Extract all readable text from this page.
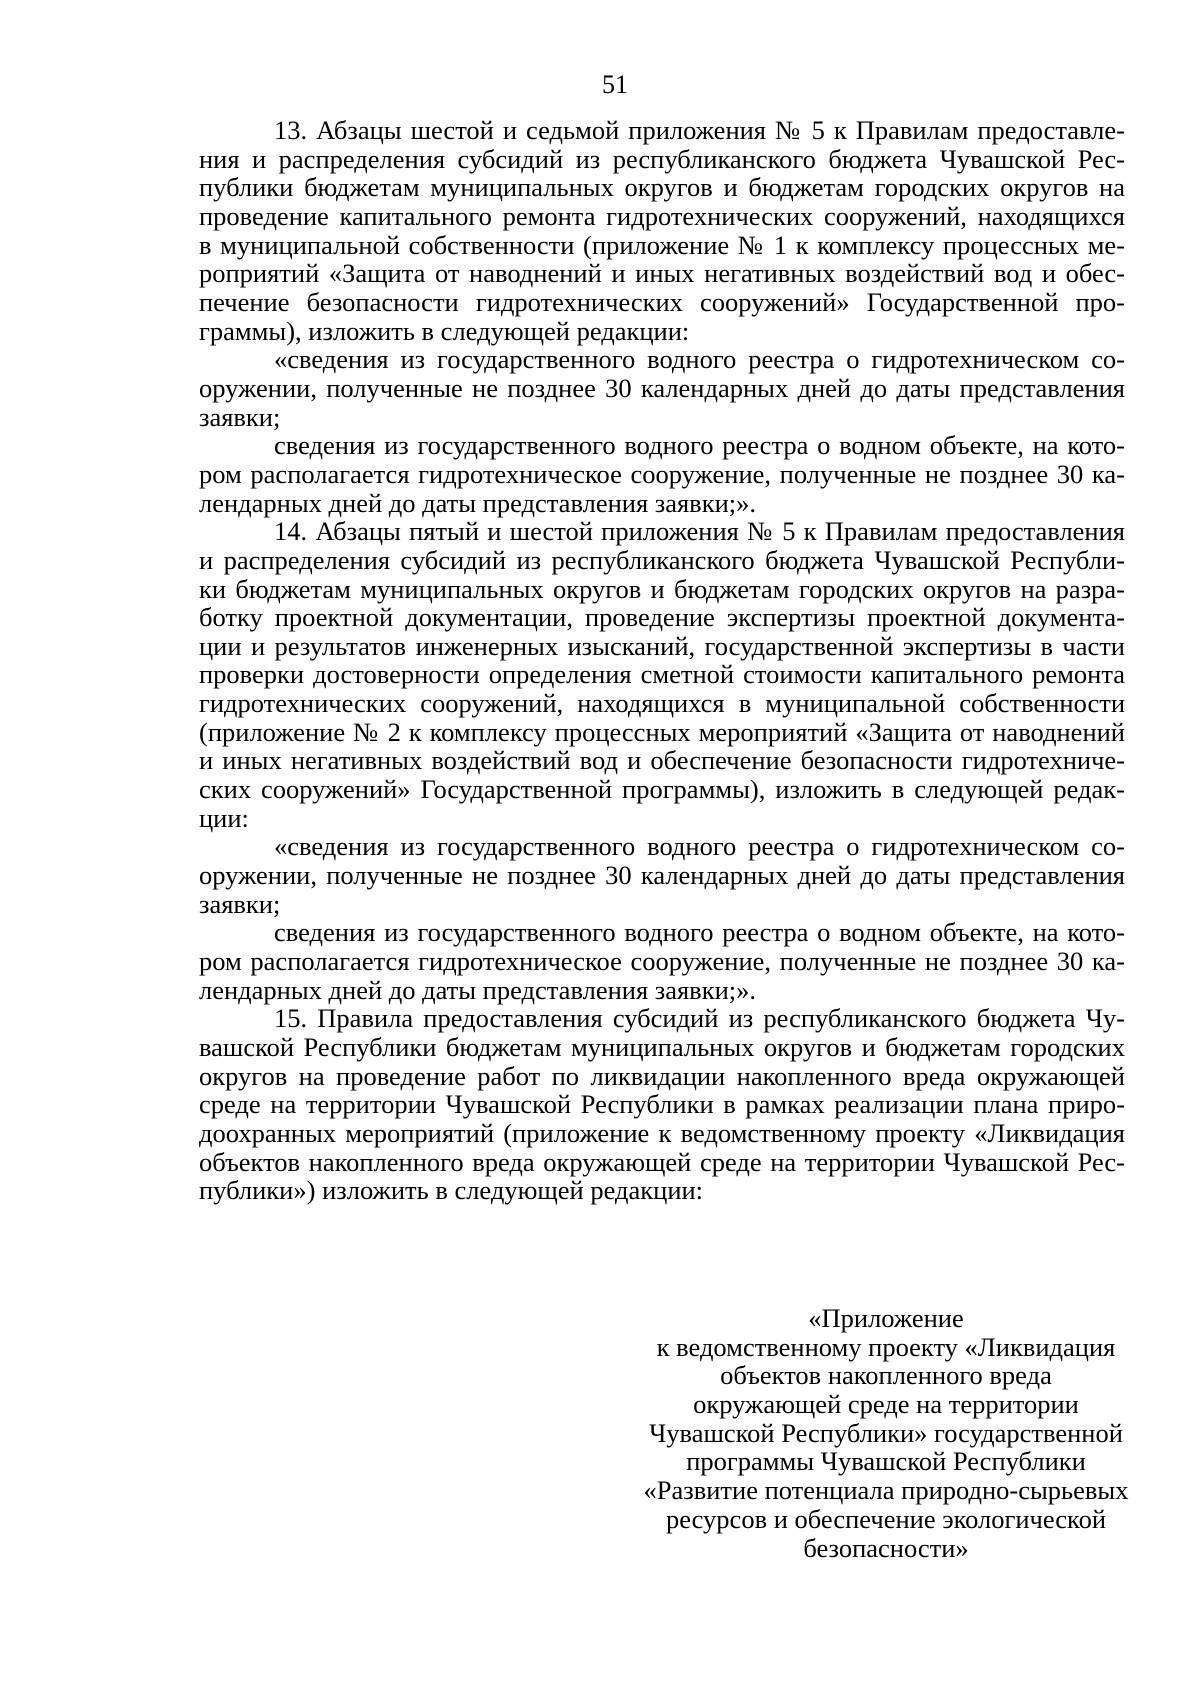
51
13. Абзацы шестой и седьмой приложения № 5 к Правилам предоставле-
ния и распределения субсидий из республиканского бюджета Чувашской Рес-
публики бюджетам муниципальных округов и бюджетам городских округов на
проведение капитального ремонта гидротехнических сооружений, находящихся
в муниципальной собственности (приложение № 1 к комплексу процессных ме-
роприятий «Защита от наводнений и иных негативных воздействий вод и обес-
печение безопасности гидротехнических сооружений» Государственной про-
граммы), изложить в следующей редакции:
«сведения из государственного водного реестра о гидротехническом со-
оружении, полученные не позднее 30 календарных дней до даты представления
заявки;
сведения из государственного водного реестра о водном объекте, на кото-
ром располагается гидротехническое сооружение, полученные не позднее 30 ка-
лендарных дней до даты представления заявки;».
14. Абзацы пятый и шестой приложения № 5 к Правилам предоставления
и распределения субсидий из республиканского бюджета Чувашской Республи-
ки бюджетам муниципальных округов и бюджетам городских округов на разра-
ботку проектной документации, проведение экспертизы проектной документа-
ции и результатов инженерных изысканий, государственной экспертизы в части
проверки достоверности определения сметной стоимости капитального ремонта
гидротехнических сооружений, находящихся в муниципальной собственности
(приложение № 2 к комплексу процессных мероприятий «Защита от наводнений
и иных негативных воздействий вод и обеспечение безопасности гидротехниче-
ских сооружений» Государственной программы), изложить в следующей редак-
ции:
«сведения из государственного водного реестра о гидротехническом со-
оружении, полученные не позднее 30 календарных дней до даты представления
заявки;
сведения из государственного водного реестра о водном объекте, на кото-
ром располагается гидротехническое сооружение, полученные не позднее 30 ка-
лендарных дней до даты представления заявки;».
15. Правила предоставления субсидий из республиканского бюджета Чу-
вашской Республики бюджетам муниципальных округов и бюджетам городских
округов на проведение работ по ликвидации накопленного вреда окружающей
среде на территории Чувашской Республики в рамках реализации плана приро-
доохранных мероприятий (приложение к ведомственному проекту «Ликвидация
объектов накопленного вреда окружающей среде на территории Чувашской Рес-
публики») изложить в следующей редакции:
«Приложение
к ведомственному проекту «Ликвидация
объектов накопленного вреда
окружающей среде на территории
Чувашской Республики» государственной
программы Чувашской Республики
«Развитие потенциала природно-сырьевых
ресурсов и обеспечение экологической
безопасности»
